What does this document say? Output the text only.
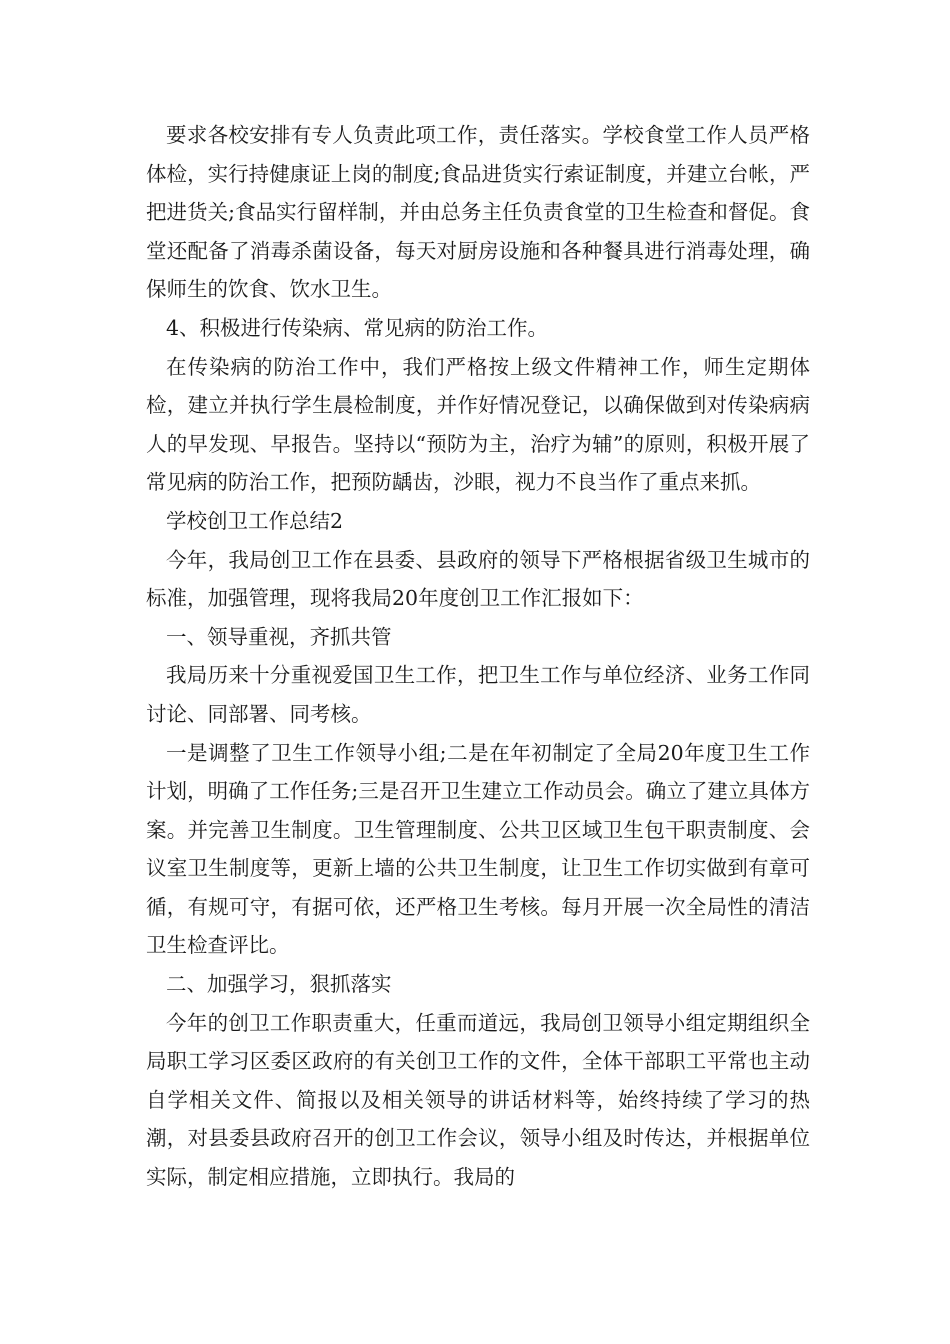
要求各校安排有专人负责此项工作，责任落实。学校食堂工作人员严格体检，实行持健康证上岗的制度;食品进货实行索证制度，并建立台帐，严把进货关;食品实行留样制，并由总务主任负责食堂的卫生检查和督促。食堂还配备了消毒杀菌设备，每天对厨房设施和各种餐具进行消毒处理，确保师生的饮食、饮水卫生。

4、积极进行传染病、常见病的防治工作。

在传染病的防治工作中，我们严格按上级文件精神工作，师生定期体检，建立并执行学生晨检制度，并作好情况登记，以确保做到对传染病病人的早发现、早报告。坚持以“预防为主，治疗为辅”的原则，积极开展了常见病的防治工作，把预防龋齿，沙眼，视力不良当作了重点来抓。

学校创卫工作总结2

今年，我局创卫工作在县委、县政府的领导下严格根据省级卫生城市的标准，加强管理，现将我局20年度创卫工作汇报如下：

一、领导重视，齐抓共管

我局历来十分重视爱国卫生工作，把卫生工作与单位经济、业务工作同讨论、同部署、同考核。

一是调整了卫生工作领导小组;二是在年初制定了全局20年度卫生工作计划，明确了工作任务;三是召开卫生建立工作动员会。确立了建立具体方案。并完善卫生制度。卫生管理制度、公共卫区域卫生包干职责制度、会议室卫生制度等，更新上墙的公共卫生制度，让卫生工作切实做到有章可循，有规可守，有据可依，还严格卫生考核。每月开展一次全局性的清洁卫生检查评比。

二、加强学习，狠抓落实

今年的创卫工作职责重大，任重而道远，我局创卫领导小组定期组织全局职工学习区委区政府的有关创卫工作的文件，全体干部职工平常也主动自学相关文件、简报以及相关领导的讲话材料等，始终持续了学习的热潮，对县委县政府召开的创卫工作会议，领导小组及时传达，并根据单位实际，制定相应措施，立即执行。我局的
